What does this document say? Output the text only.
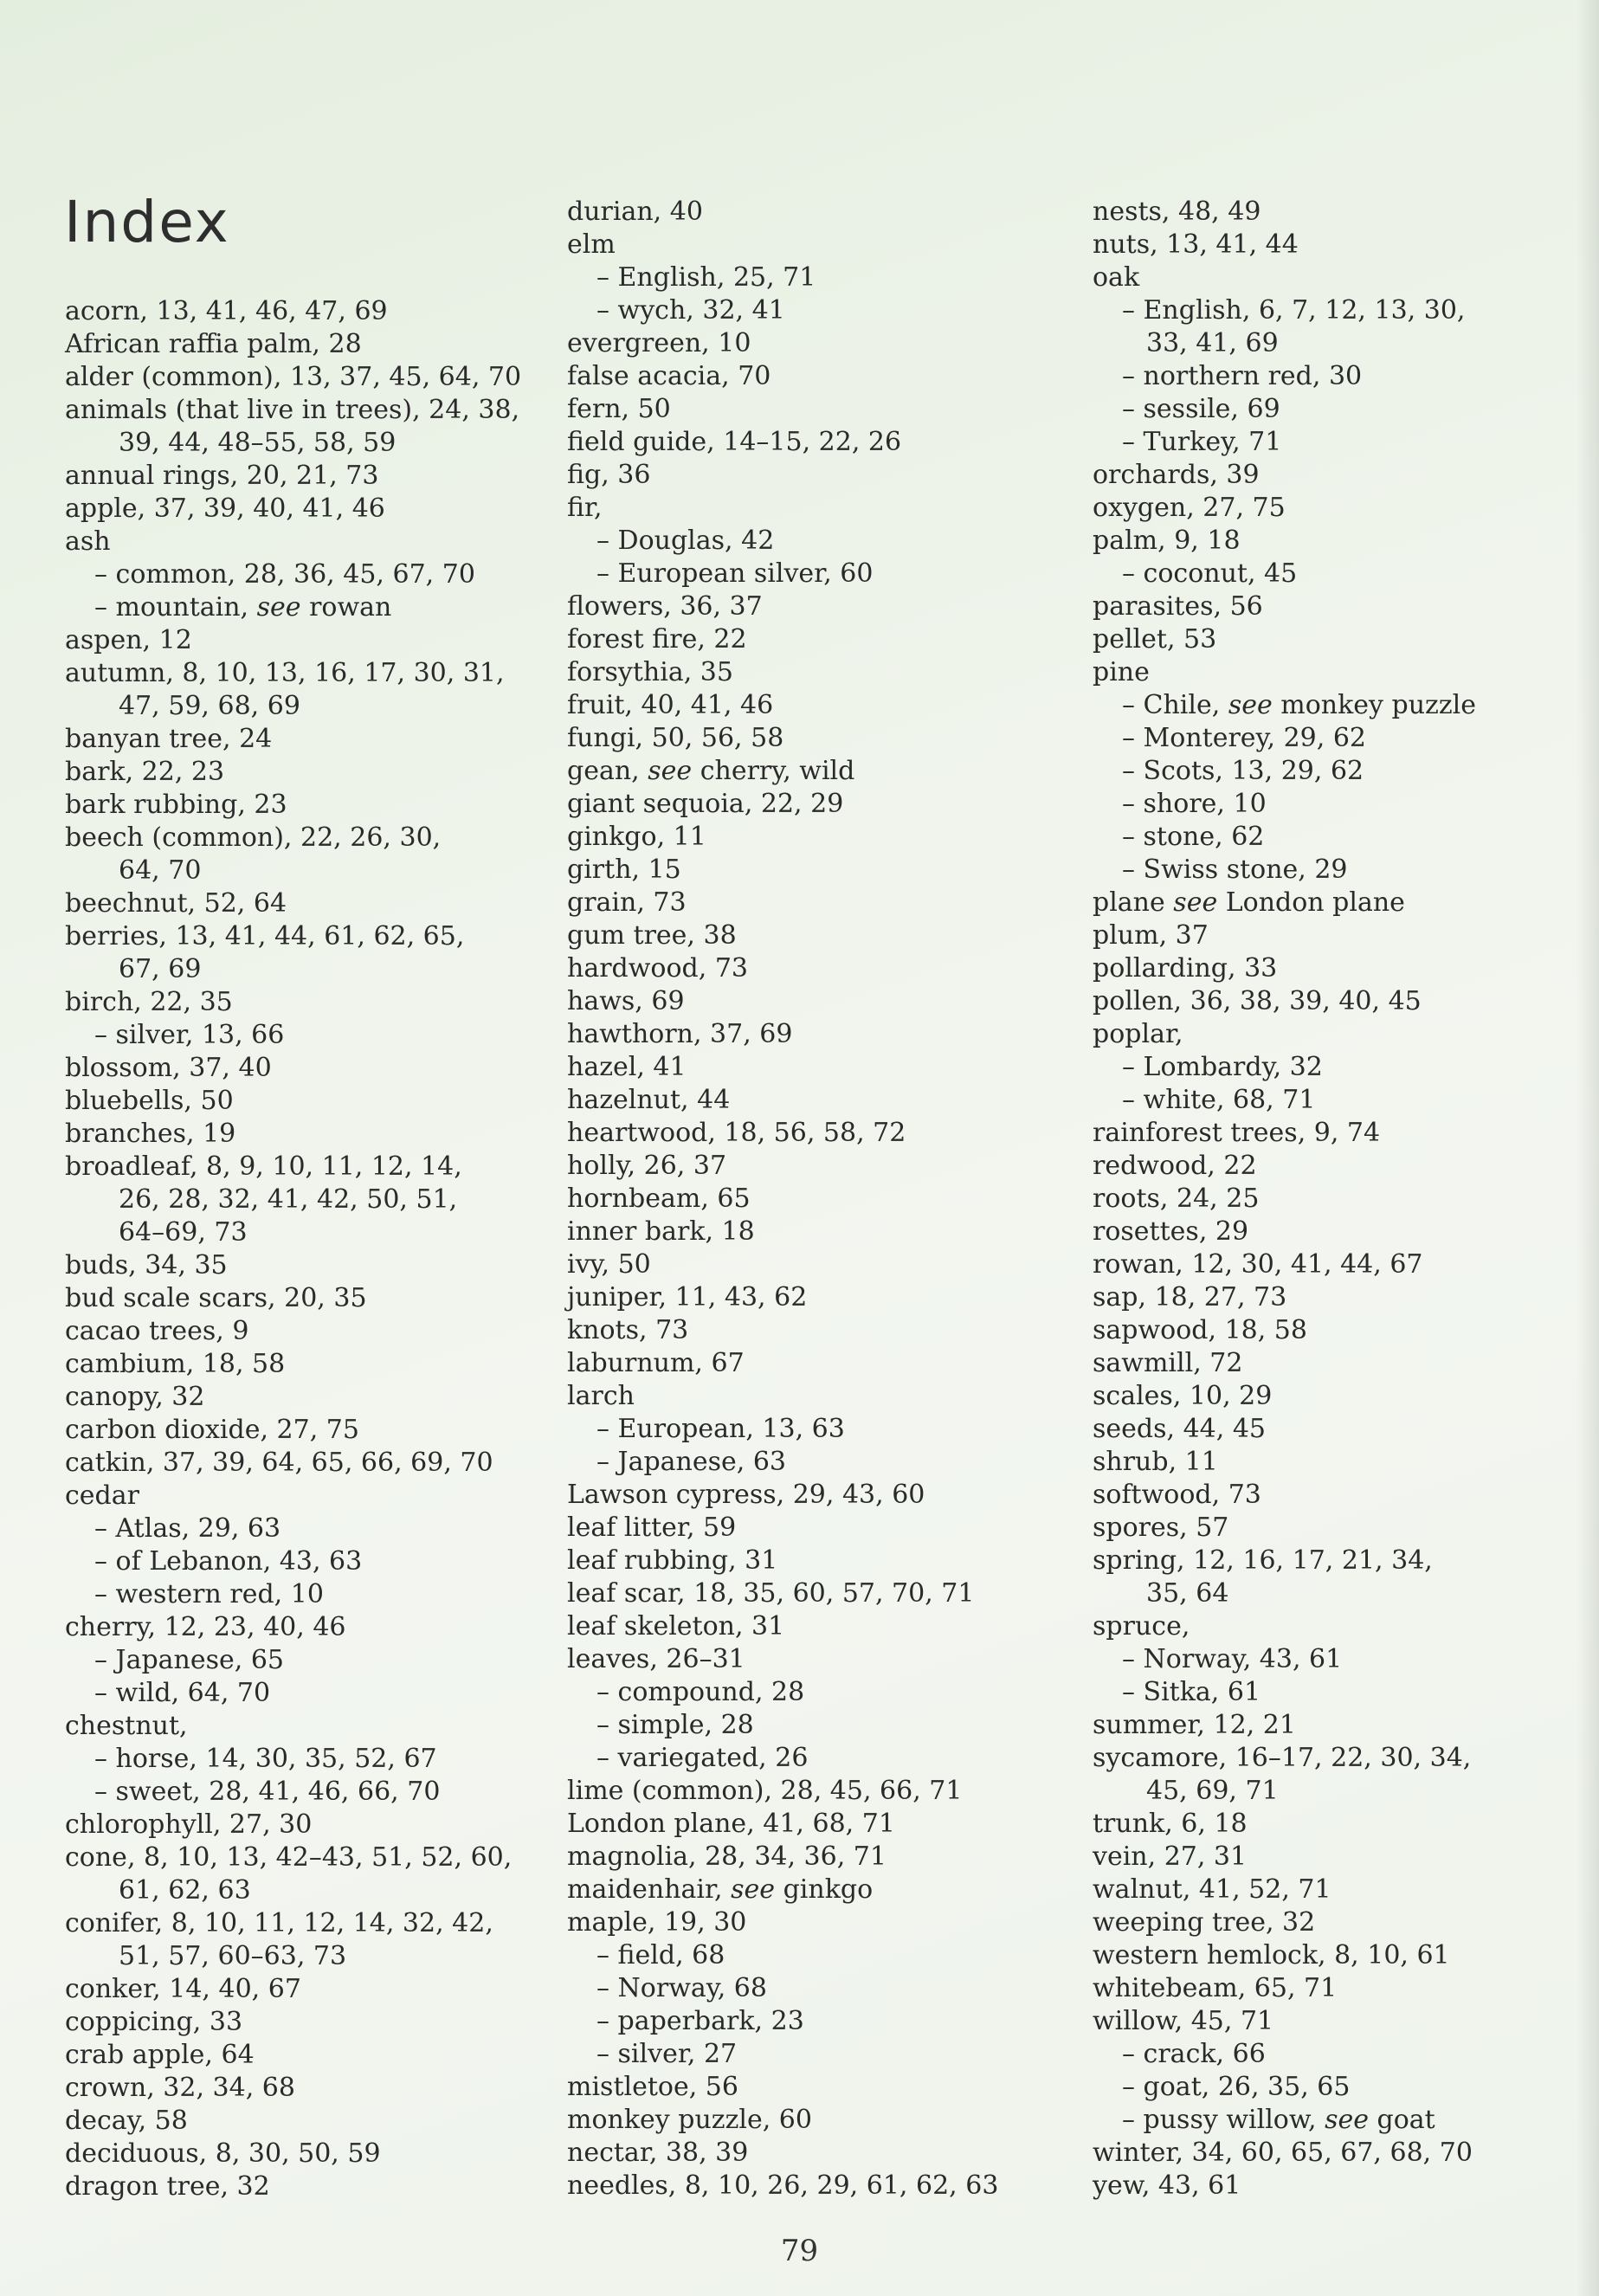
Index
acorn, 13, 41, 46, 47, 69
African raffia palm, 28
alder (common), 13, 37, 45, 64, 70
animals (that live in trees), 24, 38,
39, 44, 48–55, 58, 59
annual rings, 20, 21, 73
apple, 37, 39, 40, 41, 46
ash
– common, 28, 36, 45, 67, 70
– mountain, see rowan
aspen, 12
autumn, 8, 10, 13, 16, 17, 30, 31,
47, 59, 68, 69
banyan tree, 24
bark, 22, 23
bark rubbing, 23
beech (common), 22, 26, 30,
64, 70
beechnut, 52, 64
berries, 13, 41, 44, 61, 62, 65,
67, 69
birch, 22, 35
– silver, 13, 66
blossom, 37, 40
bluebells, 50
branches, 19
broadleaf, 8, 9, 10, 11, 12, 14,
26, 28, 32, 41, 42, 50, 51,
64–69, 73
buds, 34, 35
bud scale scars, 20, 35
cacao trees, 9
cambium, 18, 58
canopy, 32
carbon dioxide, 27, 75
catkin, 37, 39, 64, 65, 66, 69, 70
cedar
– Atlas, 29, 63
– of Lebanon, 43, 63
– western red, 10
cherry, 12, 23, 40, 46
– Japanese, 65
– wild, 64, 70
chestnut,
– horse, 14, 30, 35, 52, 67
– sweet, 28, 41, 46, 66, 70
chlorophyll, 27, 30
cone, 8, 10, 13, 42–43, 51, 52, 60,
61, 62, 63
conifer, 8, 10, 11, 12, 14, 32, 42,
51, 57, 60–63, 73
conker, 14, 40, 67
coppicing, 33
crab apple, 64
crown, 32, 34, 68
decay, 58
deciduous, 8, 30, 50, 59
dragon tree, 32
durian, 40
elm
– English, 25, 71
– wych, 32, 41
evergreen, 10
false acacia, 70
fern, 50
field guide, 14–15, 22, 26
fig, 36
fir,
– Douglas, 42
– European silver, 60
flowers, 36, 37
forest fire, 22
forsythia, 35
fruit, 40, 41, 46
fungi, 50, 56, 58
gean, see cherry, wild
giant sequoia, 22, 29
ginkgo, 11
girth, 15
grain, 73
gum tree, 38
hardwood, 73
haws, 69
hawthorn, 37, 69
hazel, 41
hazelnut, 44
heartwood, 18, 56, 58, 72
holly, 26, 37
hornbeam, 65
inner bark, 18
ivy, 50
juniper, 11, 43, 62
knots, 73
laburnum, 67
larch
– European, 13, 63
– Japanese, 63
Lawson cypress, 29, 43, 60
leaf litter, 59
leaf rubbing, 31
leaf scar, 18, 35, 60, 57, 70, 71
leaf skeleton, 31
leaves, 26–31
– compound, 28
– simple, 28
– variegated, 26
lime (common), 28, 45, 66, 71
London plane, 41, 68, 71
magnolia, 28, 34, 36, 71
maidenhair, see ginkgo
maple, 19, 30
– field, 68
– Norway, 68
– paperbark, 23
– silver, 27
mistletoe, 56
monkey puzzle, 60
nectar, 38, 39
needles, 8, 10, 26, 29, 61, 62, 63
nests, 48, 49
nuts, 13, 41, 44
oak
– English, 6, 7, 12, 13, 30,
33, 41, 69
– northern red, 30
– sessile, 69
– Turkey, 71
orchards, 39
oxygen, 27, 75
palm, 9, 18
– coconut, 45
parasites, 56
pellet, 53
pine
– Chile, see monkey puzzle
– Monterey, 29, 62
– Scots, 13, 29, 62
– shore, 10
– stone, 62
– Swiss stone, 29
plane see London plane
plum, 37
pollarding, 33
pollen, 36, 38, 39, 40, 45
poplar,
– Lombardy, 32
– white, 68, 71
rainforest trees, 9, 74
redwood, 22
roots, 24, 25
rosettes, 29
rowan, 12, 30, 41, 44, 67
sap, 18, 27, 73
sapwood, 18, 58
sawmill, 72
scales, 10, 29
seeds, 44, 45
shrub, 11
softwood, 73
spores, 57
spring, 12, 16, 17, 21, 34,
35, 64
spruce,
– Norway, 43, 61
– Sitka, 61
summer, 12, 21
sycamore, 16–17, 22, 30, 34,
45, 69, 71
trunk, 6, 18
vein, 27, 31
walnut, 41, 52, 71
weeping tree, 32
western hemlock, 8, 10, 61
whitebeam, 65, 71
willow, 45, 71
– crack, 66
– goat, 26, 35, 65
– pussy willow, see goat
winter, 34, 60, 65, 67, 68, 70
yew, 43, 61
79
